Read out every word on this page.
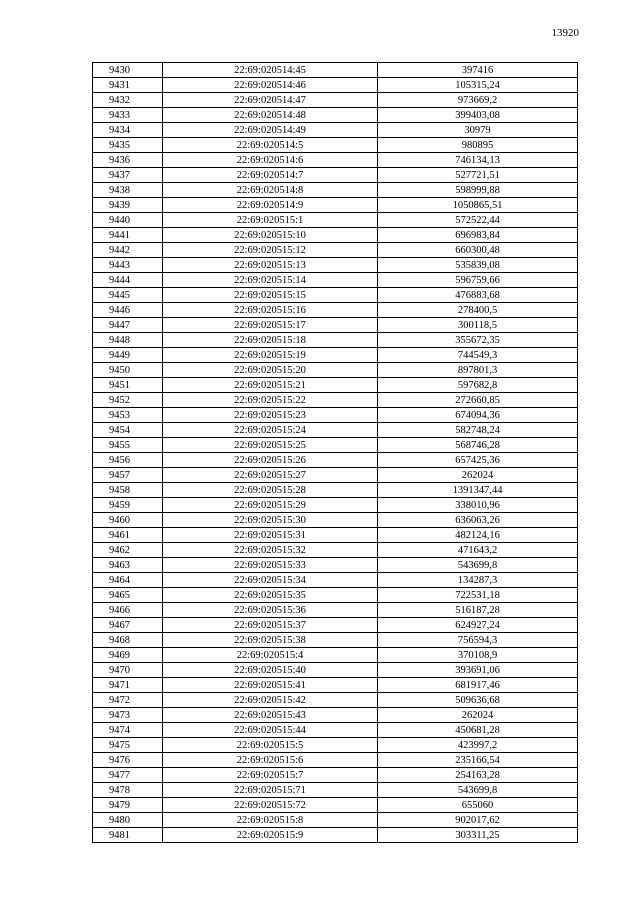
13920
9430	22:69:020514:45	397416
9431	22:69:020514:46	105315,24
9432	22:69:020514:47	973669,2
9433	22:69:020514:48	399403,08
9434	22:69:020514:49	30979
9435	22:69:020514:5	980895
9436	22:69:020514:6	746134,13
9437	22:69:020514:7	527721,51
9438	22:69:020514:8	598999,88
9439	22:69:020514:9	1050865,51
9440	22:69:020515:1	572522,44
9441	22:69:020515:10	696983,84
9442	22:69:020515:12	660300,48
9443	22:69:020515:13	535839,08
9444	22:69:020515:14	596759,66
9445	22:69:020515:15	476883,68
9446	22:69:020515:16	278400,5
9447	22:69:020515:17	300118,5
9448	22:69:020515:18	355672,35
9449	22:69:020515:19	744549,3
9450	22:69:020515:20	897801,3
9451	22:69:020515:21	597682,8
9452	22:69:020515:22	272660,85
9453	22:69:020515:23	674094,36
9454	22:69:020515:24	582748,24
9455	22:69:020515:25	568746,28
9456	22:69:020515:26	657425,36
9457	22:69:020515:27	262024
9458	22:69:020515:28	1391347,44
9459	22:69:020515:29	338010,96
9460	22:69:020515:30	636063,26
9461	22:69:020515:31	482124,16
9462	22:69:020515:32	471643,2
9463	22:69:020515:33	543699,8
9464	22:69:020515:34	134287,3
9465	22:69:020515:35	722531,18
9466	22:69:020515:36	516187,28
9467	22:69:020515:37	624927,24
9468	22:69:020515:38	756594,3
9469	22:69:020515:4	370108,9
9470	22:69:020515:40	393691,06
9471	22:69:020515:41	681917,46
9472	22:69:020515:42	509636,68
9473	22:69:020515:43	262024
9474	22:69:020515:44	450681,28
9475	22:69:020515:5	423997,2
9476	22:69:020515:6	235166,54
9477	22:69:020515:7	254163,28
9478	22:69:020515:71	543699,8
9479	22:69:020515:72	655060
9480	22:69:020515:8	902017,62
9481	22:69:020515:9	303311,25
